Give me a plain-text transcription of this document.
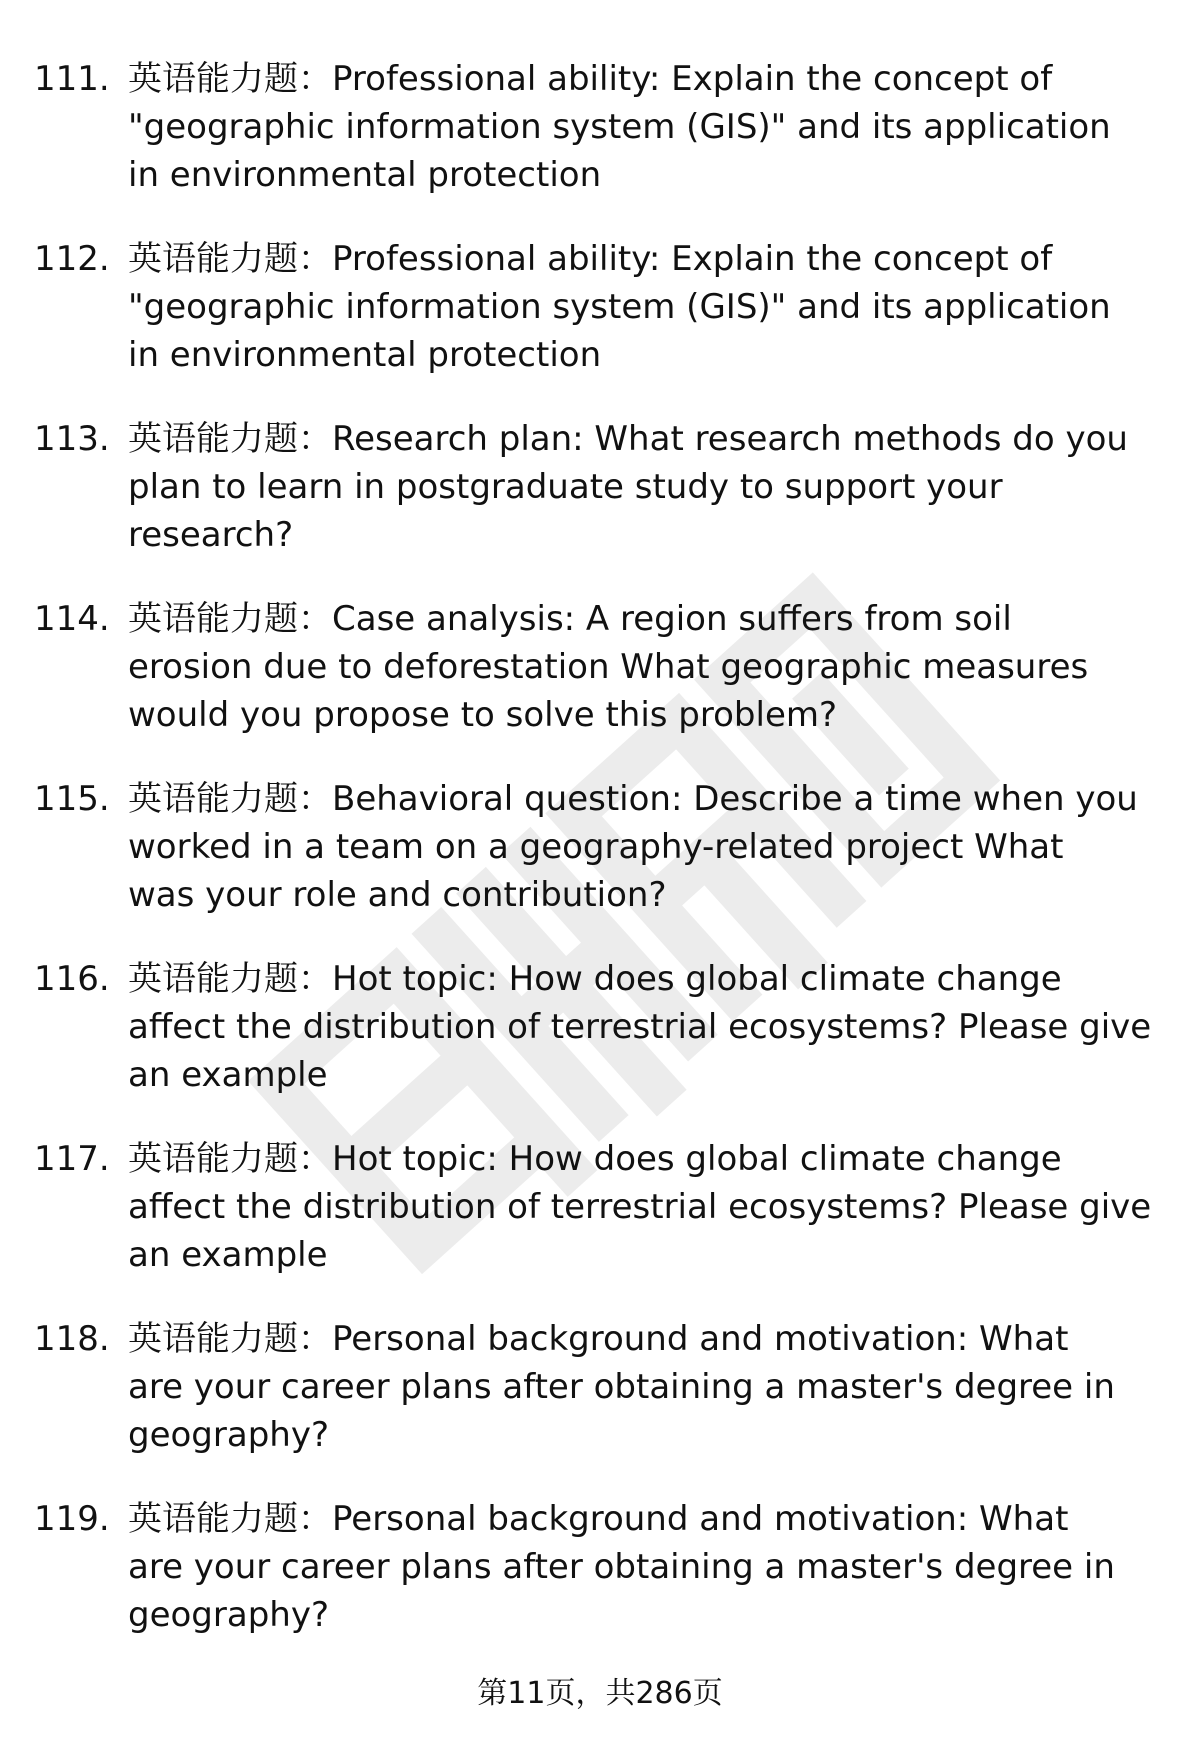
111. 英语能力题：Professional ability: Explain the concept of
"geographic information system (GIS)" and its application
in environmental protection
112. 英语能力题：Professional ability: Explain the concept of
"geographic information system (GIS)" and its application
in environmental protection
113. 英语能力题：Research plan: What research methods do you
plan to learn in postgraduate study to support your
research?
114. 英语能力题：Case analysis: A region suffers from soil
erosion due to deforestation What geographic measures
would you propose to solve this problem?
115. 英语能力题：Behavioral question: Describe a time when you
worked in a team on a geography-related project What
was your role and contribution?
116. 英语能力题：Hot topic: How does global climate change
affect the distribution of terrestrial ecosystems? Please give
an example
117. 英语能力题：Hot topic: How does global climate change
affect the distribution of terrestrial ecosystems? Please give
an example
118. 英语能力题：Personal background and motivation: What
are your career plans after obtaining a master's degree in
geography?
119. 英语能力题：Personal background and motivation: What
are your career plans after obtaining a master's degree in
geography?
第11页，共286页
